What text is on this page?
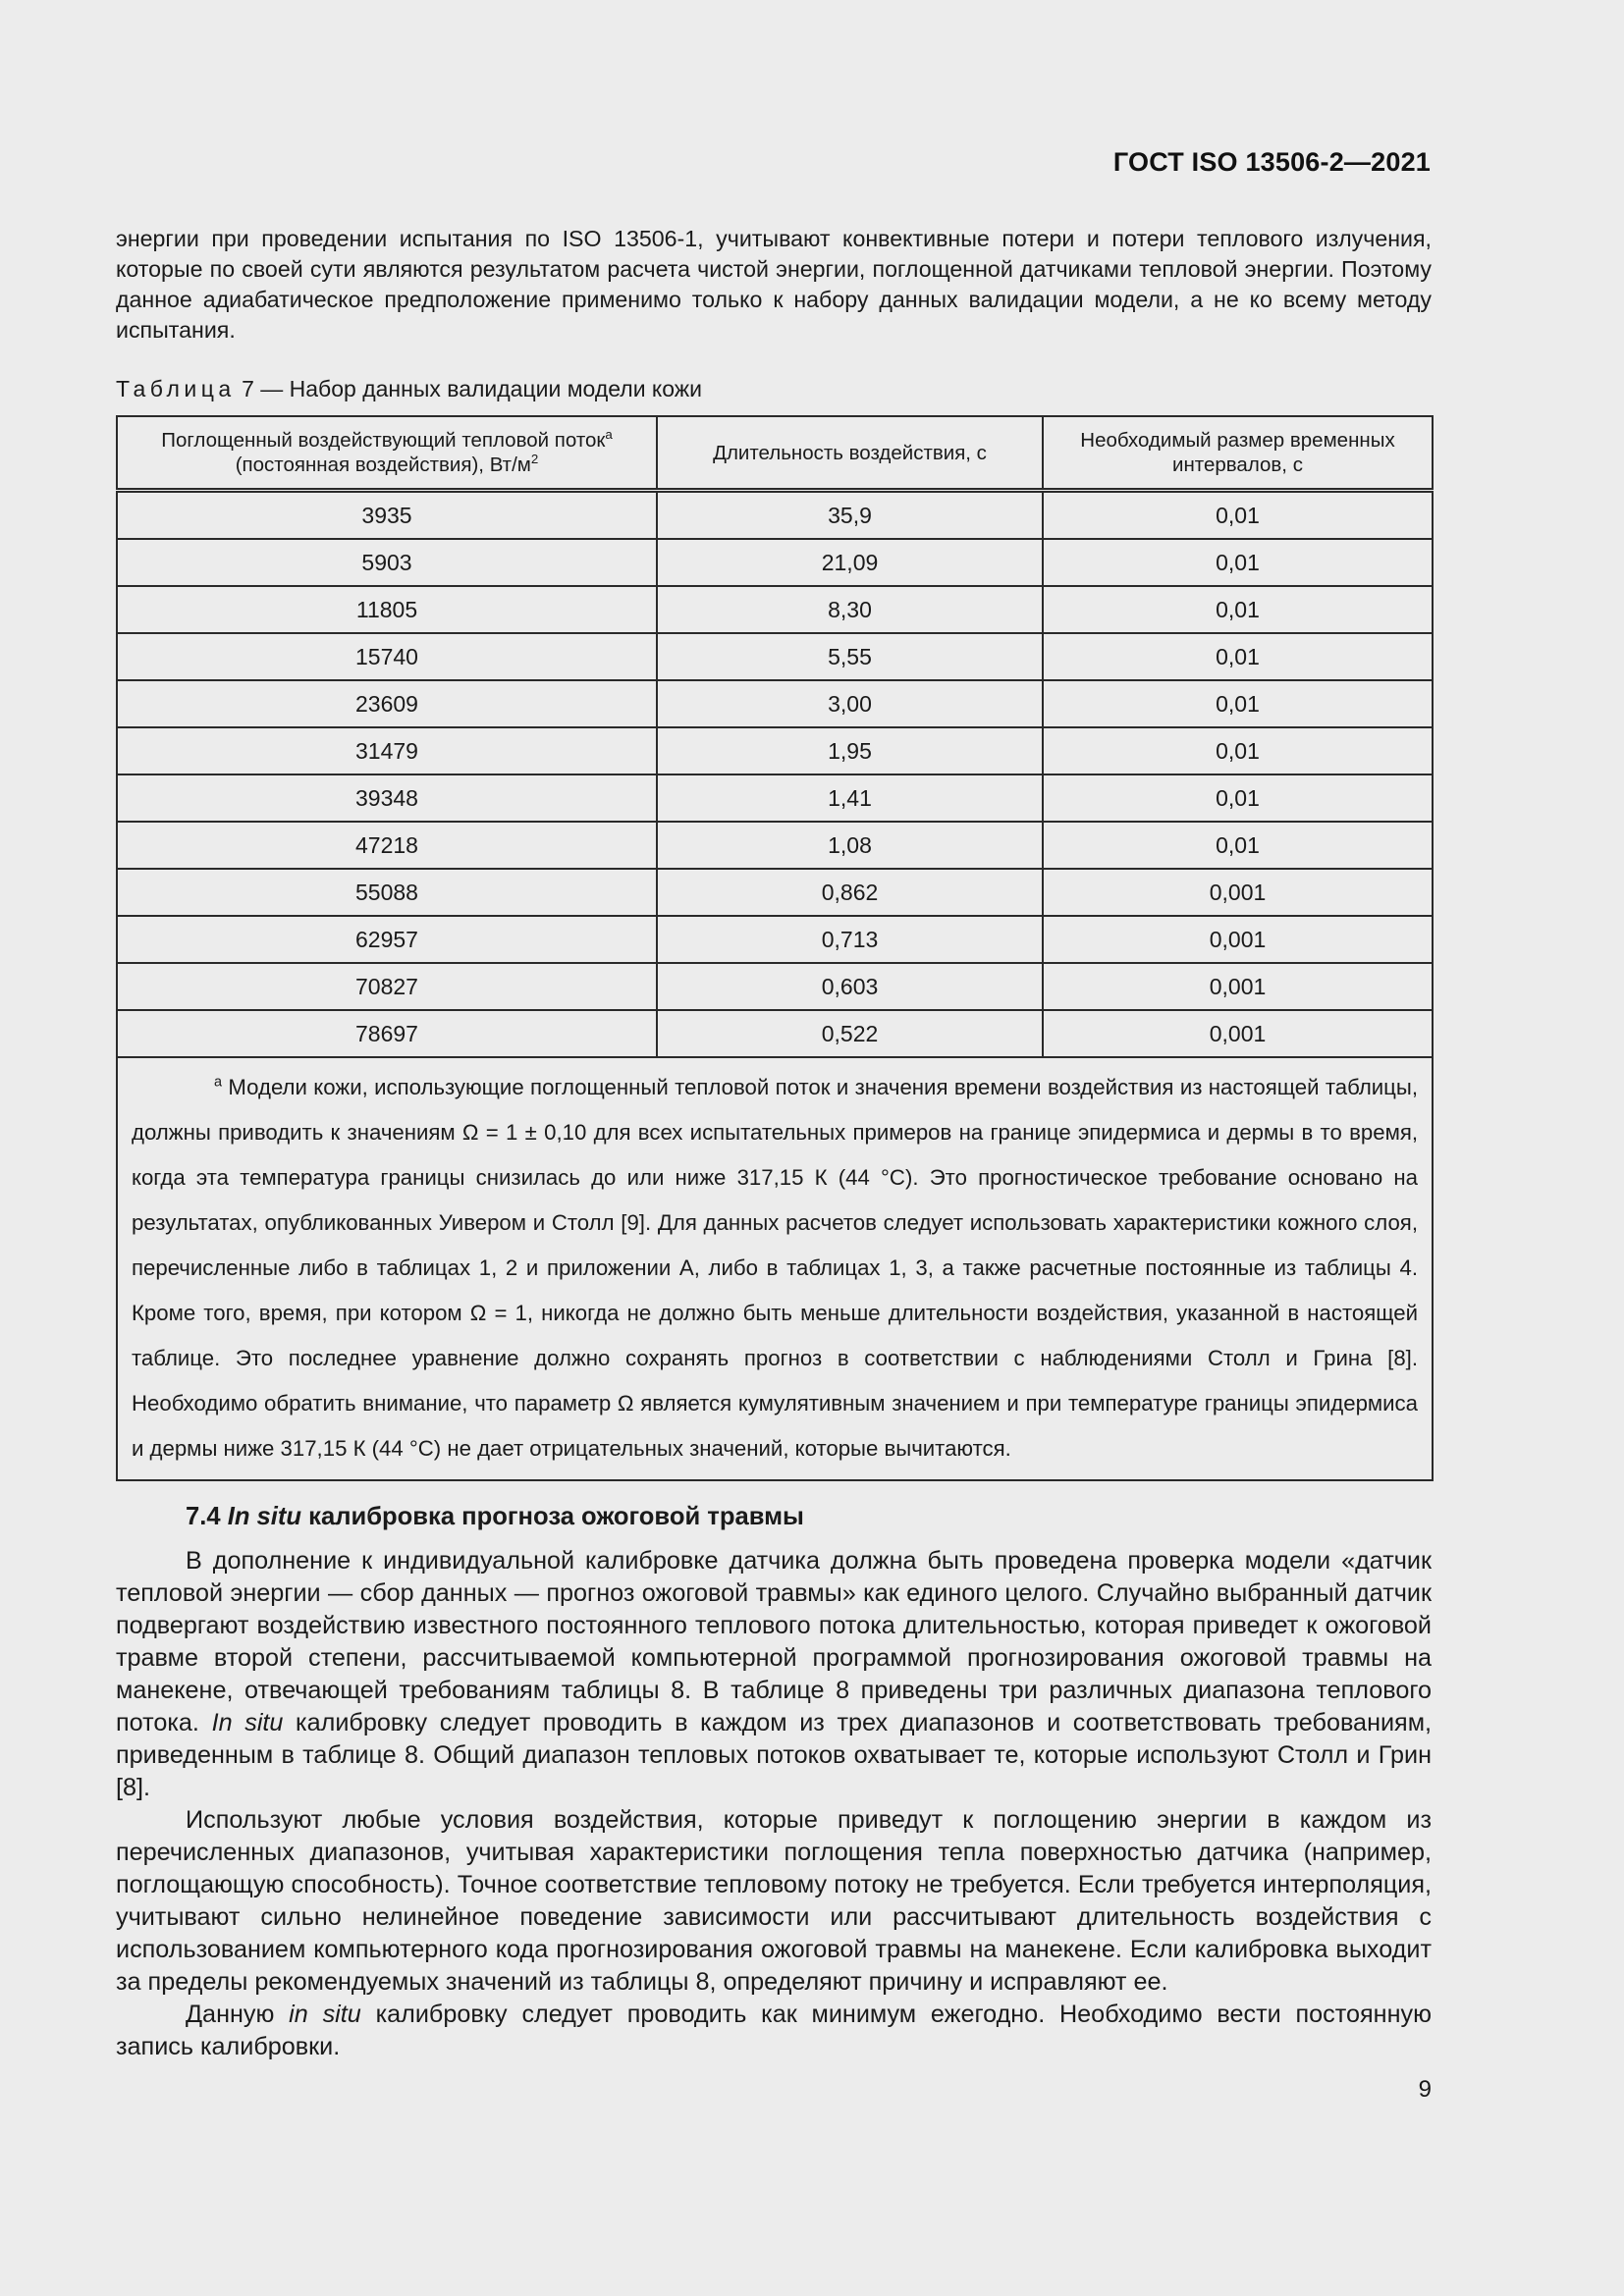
ГОСТ ISO 13506-2—2021

энергии при проведении испытания по ISO 13506-1, учитывают конвективные потери и потери теплового излучения, которые по своей сути являются результатом расчета чистой энергии, поглощенной датчиками тепловой энергии. Поэтому данное адиабатическое предположение применимо только к набору данных валидации модели, а не ко всему методу испытания.

Таблица 7 — Набор данных валидации модели кожи
Поглощенный воздействующий тепловой поток$^a$
(постоянная воздействия), $Вт/м^2$	Длительность воздействия, с	Необходимый размер временных интервалов, с
3935	35,9	0,01
5903	21,09	0,01
11805	8,30	0,01
15740	5,55	0,01
23609	3,00	0,01
31479	1,95	0,01
39348	1,41	0,01
47218	1,08	0,01
55088	0,862	0,001
62957	0,713	0,001
70827	0,603	0,001
78697	0,522	0,001

$^a$ Модели кожи, использующие поглощенный тепловой поток и значения времени воздействия из настоящей таблицы, должны приводить к значениям Ω = 1 ± 0,10 для всех испытательных примеров на границе эпидермиса и дермы в то время, когда эта температура границы снизилась до или ниже 317,15 К (44 °C). Это прогностическое требование основано на результатах, опубликованных Уивером и Столл [9]. Для данных расчетов следует использовать характеристики кожного слоя, перечисленные либо в таблицах 1, 2 и приложении А, либо в таблицах 1, 3, а также расчетные постоянные из таблицы 4. Кроме того, время, при котором Ω = 1, никогда не должно быть меньше длительности воздействия, указанной в настоящей таблице. Это последнее уравнение должно сохранять прогноз в соответствии с наблюдениями Столл и Грина [8]. Необходимо обратить внимание, что параметр Ω является кумулятивным значением и при температуре границы эпидермиса и дермы ниже 317,15 К (44 °C) не дает отрицательных значений, которые вычитаются.		
7.4 In situ калибровка прогноза ожоговой травмы

В дополнение к индивидуальной калибровке датчика должна быть проведена проверка модели «датчик тепловой энергии — сбор данных — прогноз ожоговой травмы» как единого целого. Случайно выбранный датчик подвергают воздействию известного постоянного теплового потока длительностью, которая приведет к ожоговой травме второй степени, рассчитываемой компьютерной программой прогнозирования ожоговой травмы на манекене, отвечающей требованиям таблицы 8. В таблице 8 приведены три различных диапазона теплового потока. In situ калибровку следует проводить в каждом из трех диапазонов и соответствовать требованиям, приведенным в таблице 8. Общий диапазон тепловых потоков охватывает те, которые используют Столл и Грин [8].

Используют любые условия воздействия, которые приведут к поглощению энергии в каждом из перечисленных диапазонов, учитывая характеристики поглощения тепла поверхностью датчика (например, поглощающую способность). Точное соответствие тепловому потоку не требуется. Если требуется интерполяция, учитывают сильно нелинейное поведение зависимости или рассчитывают длительность воздействия с использованием компьютерного кода прогнозирования ожоговой травмы на манекене. Если калибровка выходит за пределы рекомендуемых значений из таблицы 8, определяют причину и исправляют ее.

Данную in situ калибровку следует проводить как минимум ежегодно. Необходимо вести постоянную запись калибровки.

9
